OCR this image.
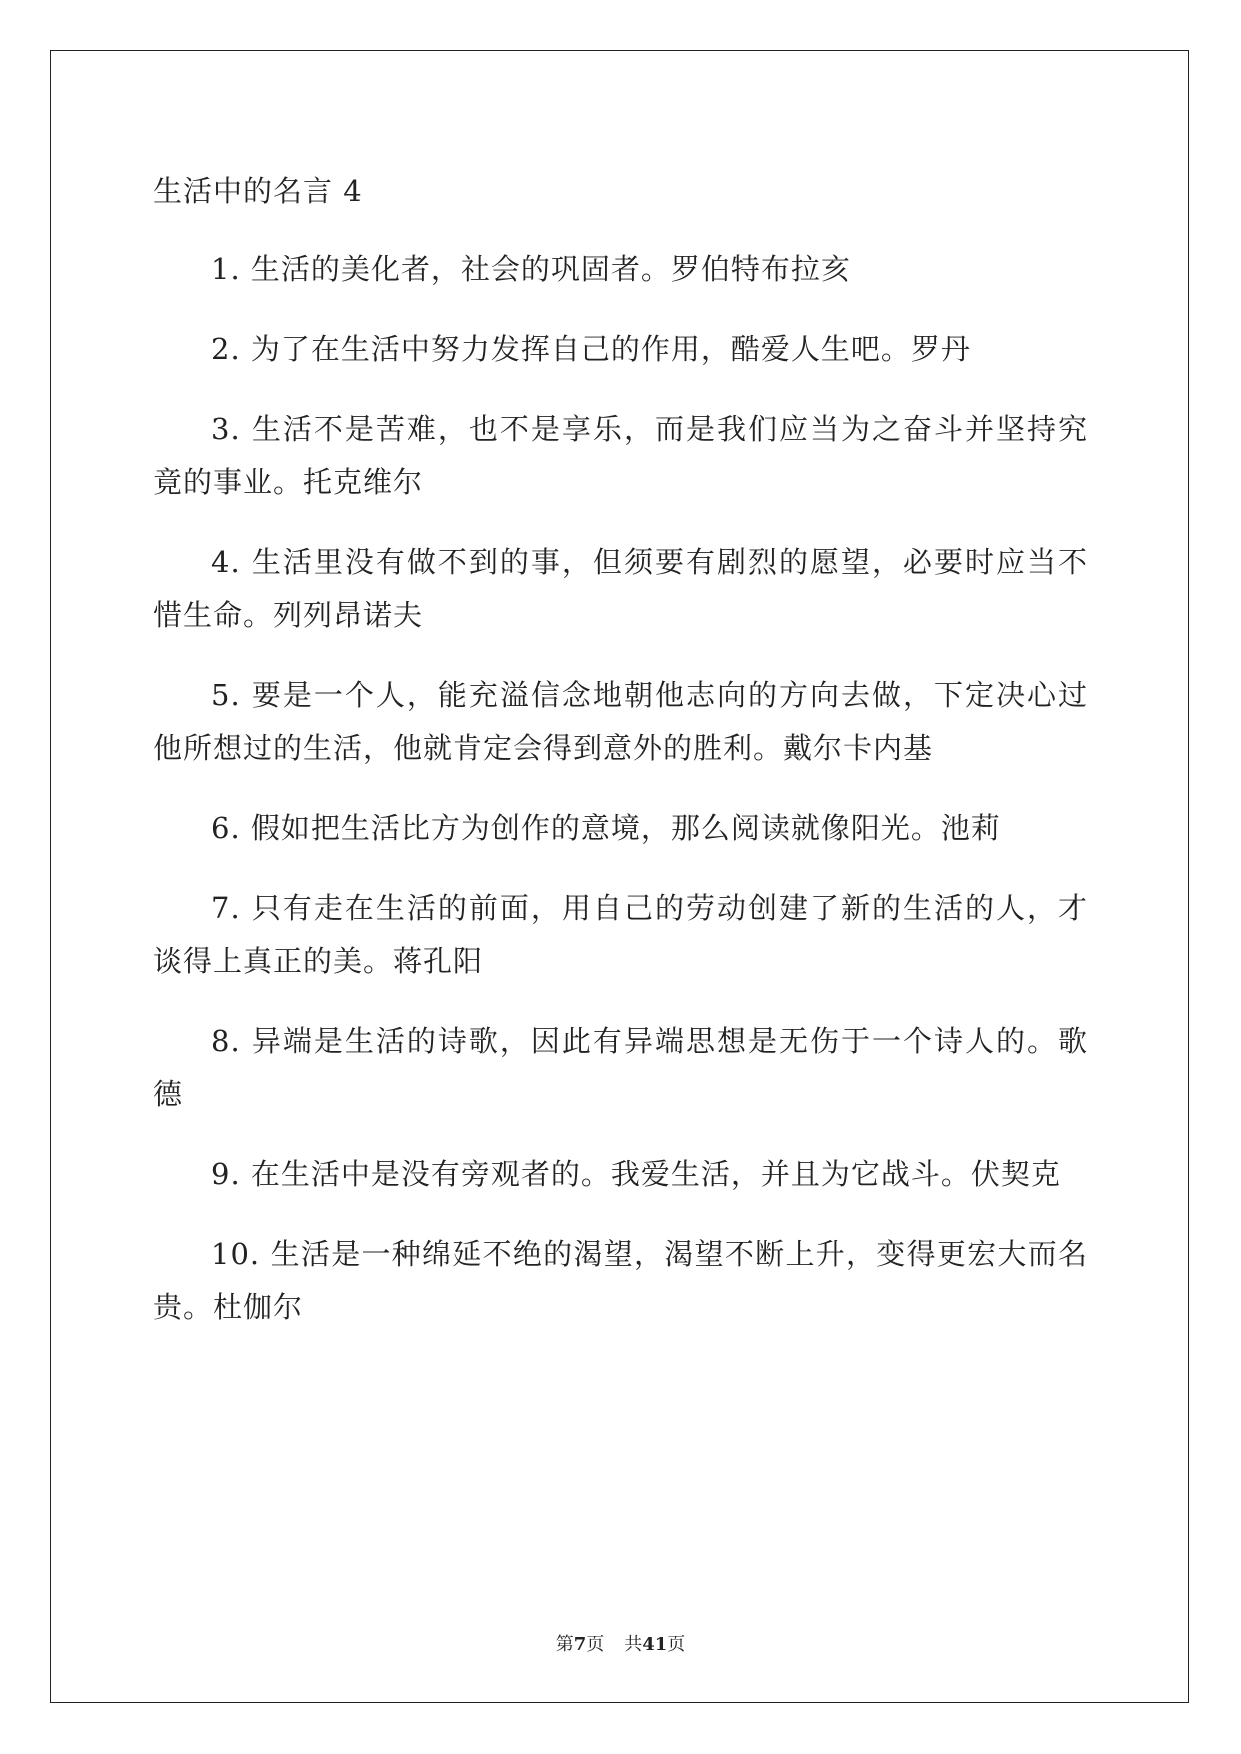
生活中的名言 4

1. 生活的美化者，社会的巩固者。罗伯特布拉亥

2. 为了在生活中努力发挥自己的作用，酷爱人生吧。罗丹

3. 生活不是苦难，也不是享乐，而是我们应当为之奋斗并坚持究竟的事业。托克维尔

4. 生活里没有做不到的事，但须要有剧烈的愿望，必要时应当不惜生命。列列昂诺夫

5. 要是一个人，能充溢信念地朝他志向的方向去做，下定决心过他所想过的生活，他就肯定会得到意外的胜利。戴尔卡内基

6. 假如把生活比方为创作的意境，那么阅读就像阳光。池莉

7. 只有走在生活的前面，用自己的劳动创建了新的生活的人，才谈得上真正的美。蒋孔阳

8. 异端是生活的诗歌，因此有异端思想是无伤于一个诗人的。歌德

9. 在生活中是没有旁观者的。我爱生活，并且为它战斗。伏契克

10. 生活是一种绵延不绝的渴望，渴望不断上升，变得更宏大而名贵。杜伽尔

第7页 共41页
